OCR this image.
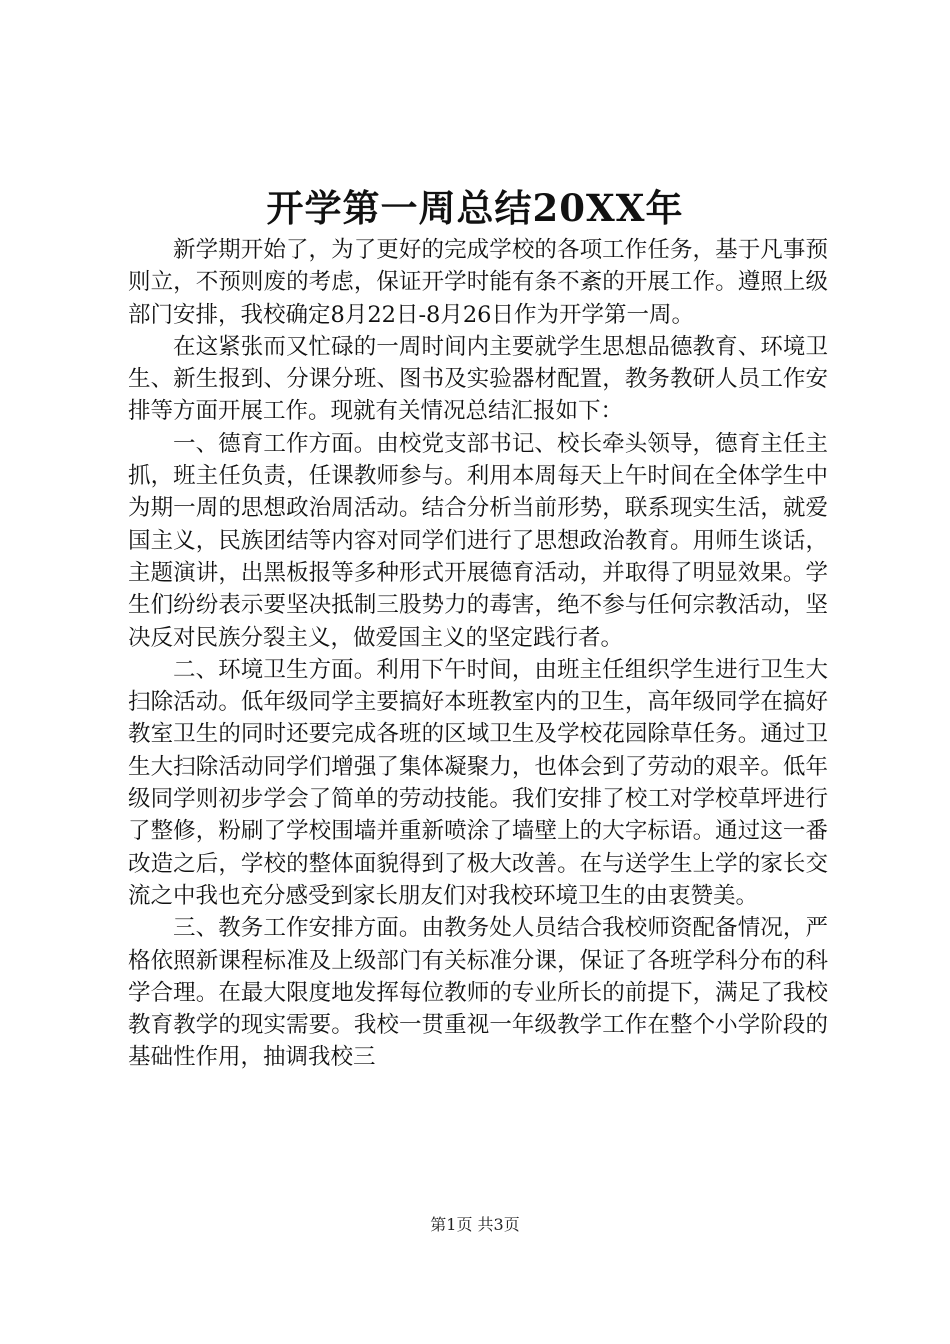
开学第一周总结20XX年

新学期开始了，为了更好的完成学校的各项工作任务，基于凡事预则立，不预则废的考虑，保证开学时能有条不紊的开展工作。遵照上级部门安排，我校确定8月22日-8月26日作为开学第一周。

在这紧张而又忙碌的一周时间内主要就学生思想品德教育、环境卫生、新生报到、分课分班、图书及实验器材配置，教务教研人员工作安排等方面开展工作。现就有关情况总结汇报如下：

一、德育工作方面。由校党支部书记、校长牵头领导，德育主任主抓，班主任负责，任课教师参与。利用本周每天上午时间在全体学生中为期一周的思想政治周活动。结合分析当前形势，联系现实生活，就爱国主义，民族团结等内容对同学们进行了思想政治教育。用师生谈话，主题演讲，出黑板报等多种形式开展德育活动，并取得了明显效果。学生们纷纷表示要坚决抵制三股势力的毒害，绝不参与任何宗教活动，坚决反对民族分裂主义，做爱国主义的坚定践行者。

二、环境卫生方面。利用下午时间，由班主任组织学生进行卫生大扫除活动。低年级同学主要搞好本班教室内的卫生，高年级同学在搞好教室卫生的同时还要完成各班的区域卫生及学校花园除草任务。通过卫生大扫除活动同学们增强了集体凝聚力，也体会到了劳动的艰辛。低年级同学则初步学会了简单的劳动技能。我们安排了校工对学校草坪进行了整修，粉刷了学校围墙并重新喷涂了墙壁上的大字标语。通过这一番改造之后，学校的整体面貌得到了极大改善。在与送学生上学的家长交流之中我也充分感受到家长朋友们对我校环境卫生的由衷赞美。

三、教务工作安排方面。由教务处人员结合我校师资配备情况，严格依照新课程标准及上级部门有关标准分课，保证了各班学科分布的科学合理。在最大限度地发挥每位教师的专业所长的前提下，满足了我校教育教学的现实需要。我校一贯重视一年级教学工作在整个小学阶段的基础性作用，抽调我校三

第1页 共3页
